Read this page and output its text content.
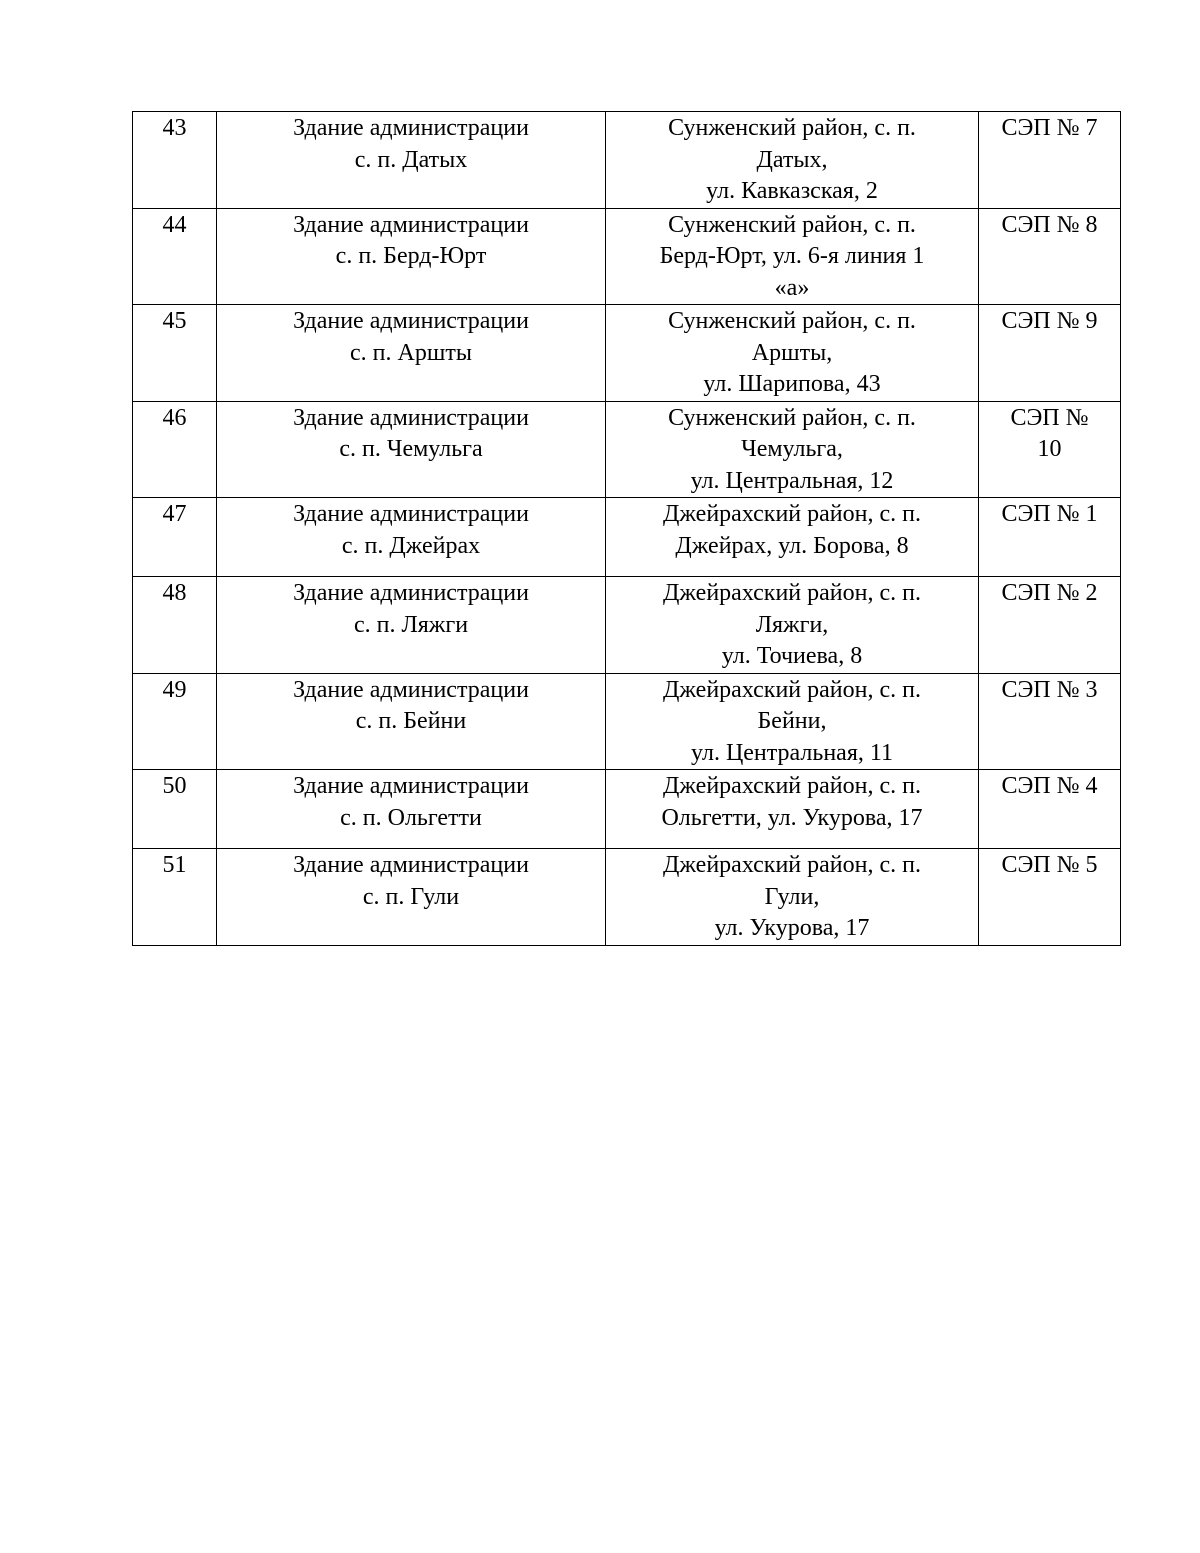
43	Здание администрации
с. п. Датых	Сунженский район, с. п.
Датых,
ул. Кавказская, 2	СЭП № 7
44	Здание администрации
с. п. Берд-Юрт	Сунженский район, с. п.
Берд-Юрт, ул. 6-я линия 1
«а»	СЭП № 8
45	Здание администрации
с. п. Аршты	Сунженский район, с. п.
Аршты,
ул. Шарипова, 43	СЭП № 9
46	Здание администрации
с. п. Чемульга	Сунженский район, с. п.
Чемульга,
ул. Центральная, 12	СЭП №
10
47	Здание администрации
с. п. Джейрах	Джейрахский район, с. п.
Джейрах, ул. Борова, 8	СЭП № 1
48	Здание администрации
с. п. Ляжги	Джейрахский район, с. п.
Ляжги,
ул. Точиева, 8	СЭП № 2
49	Здание администрации
с. п. Бейни	Джейрахский район, с. п.
Бейни,
ул. Центральная, 11	СЭП № 3
50	Здание администрации
с. п. Ольгетти	Джейрахский район, с. п.
Ольгетти, ул. Укурова, 17	СЭП № 4
51	Здание администрации
с. п. Гули	Джейрахский район, с. п.
Гули,
ул. Укурова, 17	СЭП № 5
